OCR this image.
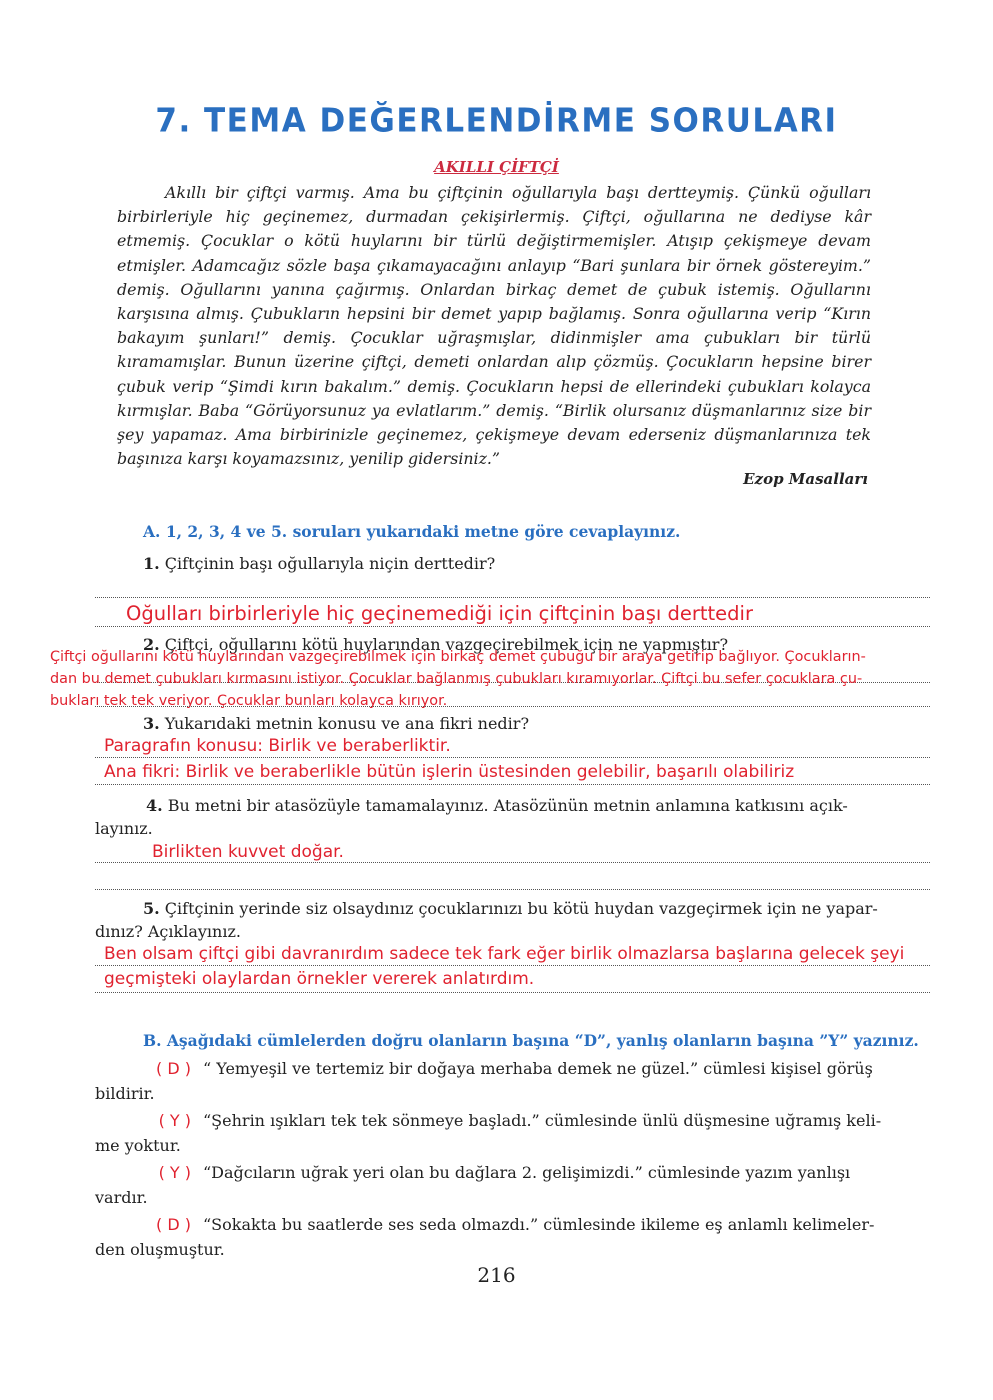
7. TEMA DEĞERLENDİRME SORULARI
AKILLI ÇİFTÇİ

Akıllı bir çiftçi varmış. Ama bu çiftçinin oğullarıyla başı dertteymiş. Çünkü oğulları birbirleriyle hiç geçinemez, durmadan çekişirlermiş. Çiftçi, oğullarına ne dediyse kâr etmemiş. Çocuklar o kötü huylarını bir türlü değiştirmemişler. Atışıp çekişmeye devam etmişler. Adamcağız sözle başa çıkamayacağını anlayıp “Bari şunlara bir örnek göstereyim.” demiş. Oğullarını yanına çağırmış. Onlardan birkaç demet de çubuk istemiş. Oğullarını karşısına almış. Çubukların hepsini bir demet yapıp bağlamış. Sonra oğullarına verip “Kırın bakayım şunları!” demiş. Çocuklar uğraşmışlar, didinmişler ama çubukları bir türlü kıramamışlar. Bunun üzerine çiftçi, demeti onlardan alıp çözmüş. Çocukların hepsine birer çubuk verip “Şimdi kırın bakalım.” demiş. Çocukların hepsi de ellerindeki çubukları kolayca kırmışlar. Baba “Görüyorsunuz ya evlatlarım.” demiş. “Birlik olursanız düşmanlarınız size bir şey yapamaz. Ama birbirinizle geçinemez, çekişmeye devam ederseniz düşmanlarınıza tek başınıza karşı koyamazsınız, yenilip gidersiniz.”

Ezop Masalları
A. 1, 2, 3, 4 ve 5. soruları yukarıdaki metne göre cevaplayınız.
1. Çiftçinin başı oğullarıyla niçin derttedir?
Oğulları birbirleriyle hiç geçinemediği için çiftçinin başı derttedir
2. Çiftçi, oğullarını kötü huylarından vazgeçirebilmek için ne yapmıştır?
Çiftçi oğullarını kötü huylarından vazgeçirebilmek için birkaç demet çubuğu bir araya getirip bağlıyor. Çocukların-
dan bu demet çubukları kırmasını istiyor. Çocuklar bağlanmış çubukları kıramıyorlar. Çiftçi bu sefer çocuklara çu-
bukları tek tek veriyor. Çocuklar bunları kolayca kırıyor.
3. Yukarıdaki metnin konusu ve ana fikri nedir?
Paragrafın konusu: Birlik ve beraberliktir.
Ana fikri: Birlik ve beraberlikle bütün işlerin üstesinden gelebilir, başarılı olabiliriz
4. Bu metni bir atasözüyle tamamalayınız. Atasözünün metnin anlamına katkısını açık-
layınız.
Birlikten kuvvet doğar.
5. Çiftçinin yerinde siz olsaydınız çocuklarınızı bu kötü huydan vazgeçirmek için ne yapar-
dınız? Açıklayınız.
Ben olsam çiftçi gibi davranırdım sadece tek fark eğer birlik olmazlarsa başlarına gelecek şeyi
geçmişteki olaylardan örnekler vererek anlatırdım.
B. Aşağıdaki cümlelerden doğru olanların başına “D”, yanlış olanların başına ”Y” yazınız.
( D ) “ Yemyeşil ve tertemiz bir doğaya merhaba demek ne güzel.” cümlesi kişisel görüş
bildirir.
( Y ) “Şehrin ışıkları tek tek sönmeye başladı.” cümlesinde ünlü düşmesine uğramış keli-
me yoktur.
( Y ) “Dağcıların uğrak yeri olan bu dağlara 2. gelişimizdi.” cümlesinde yazım yanlışı
vardır.
( D ) “Sokakta bu saatlerde ses seda olmazdı.” cümlesinde ikileme eş anlamlı kelimeler-
den oluşmuştur.
216
